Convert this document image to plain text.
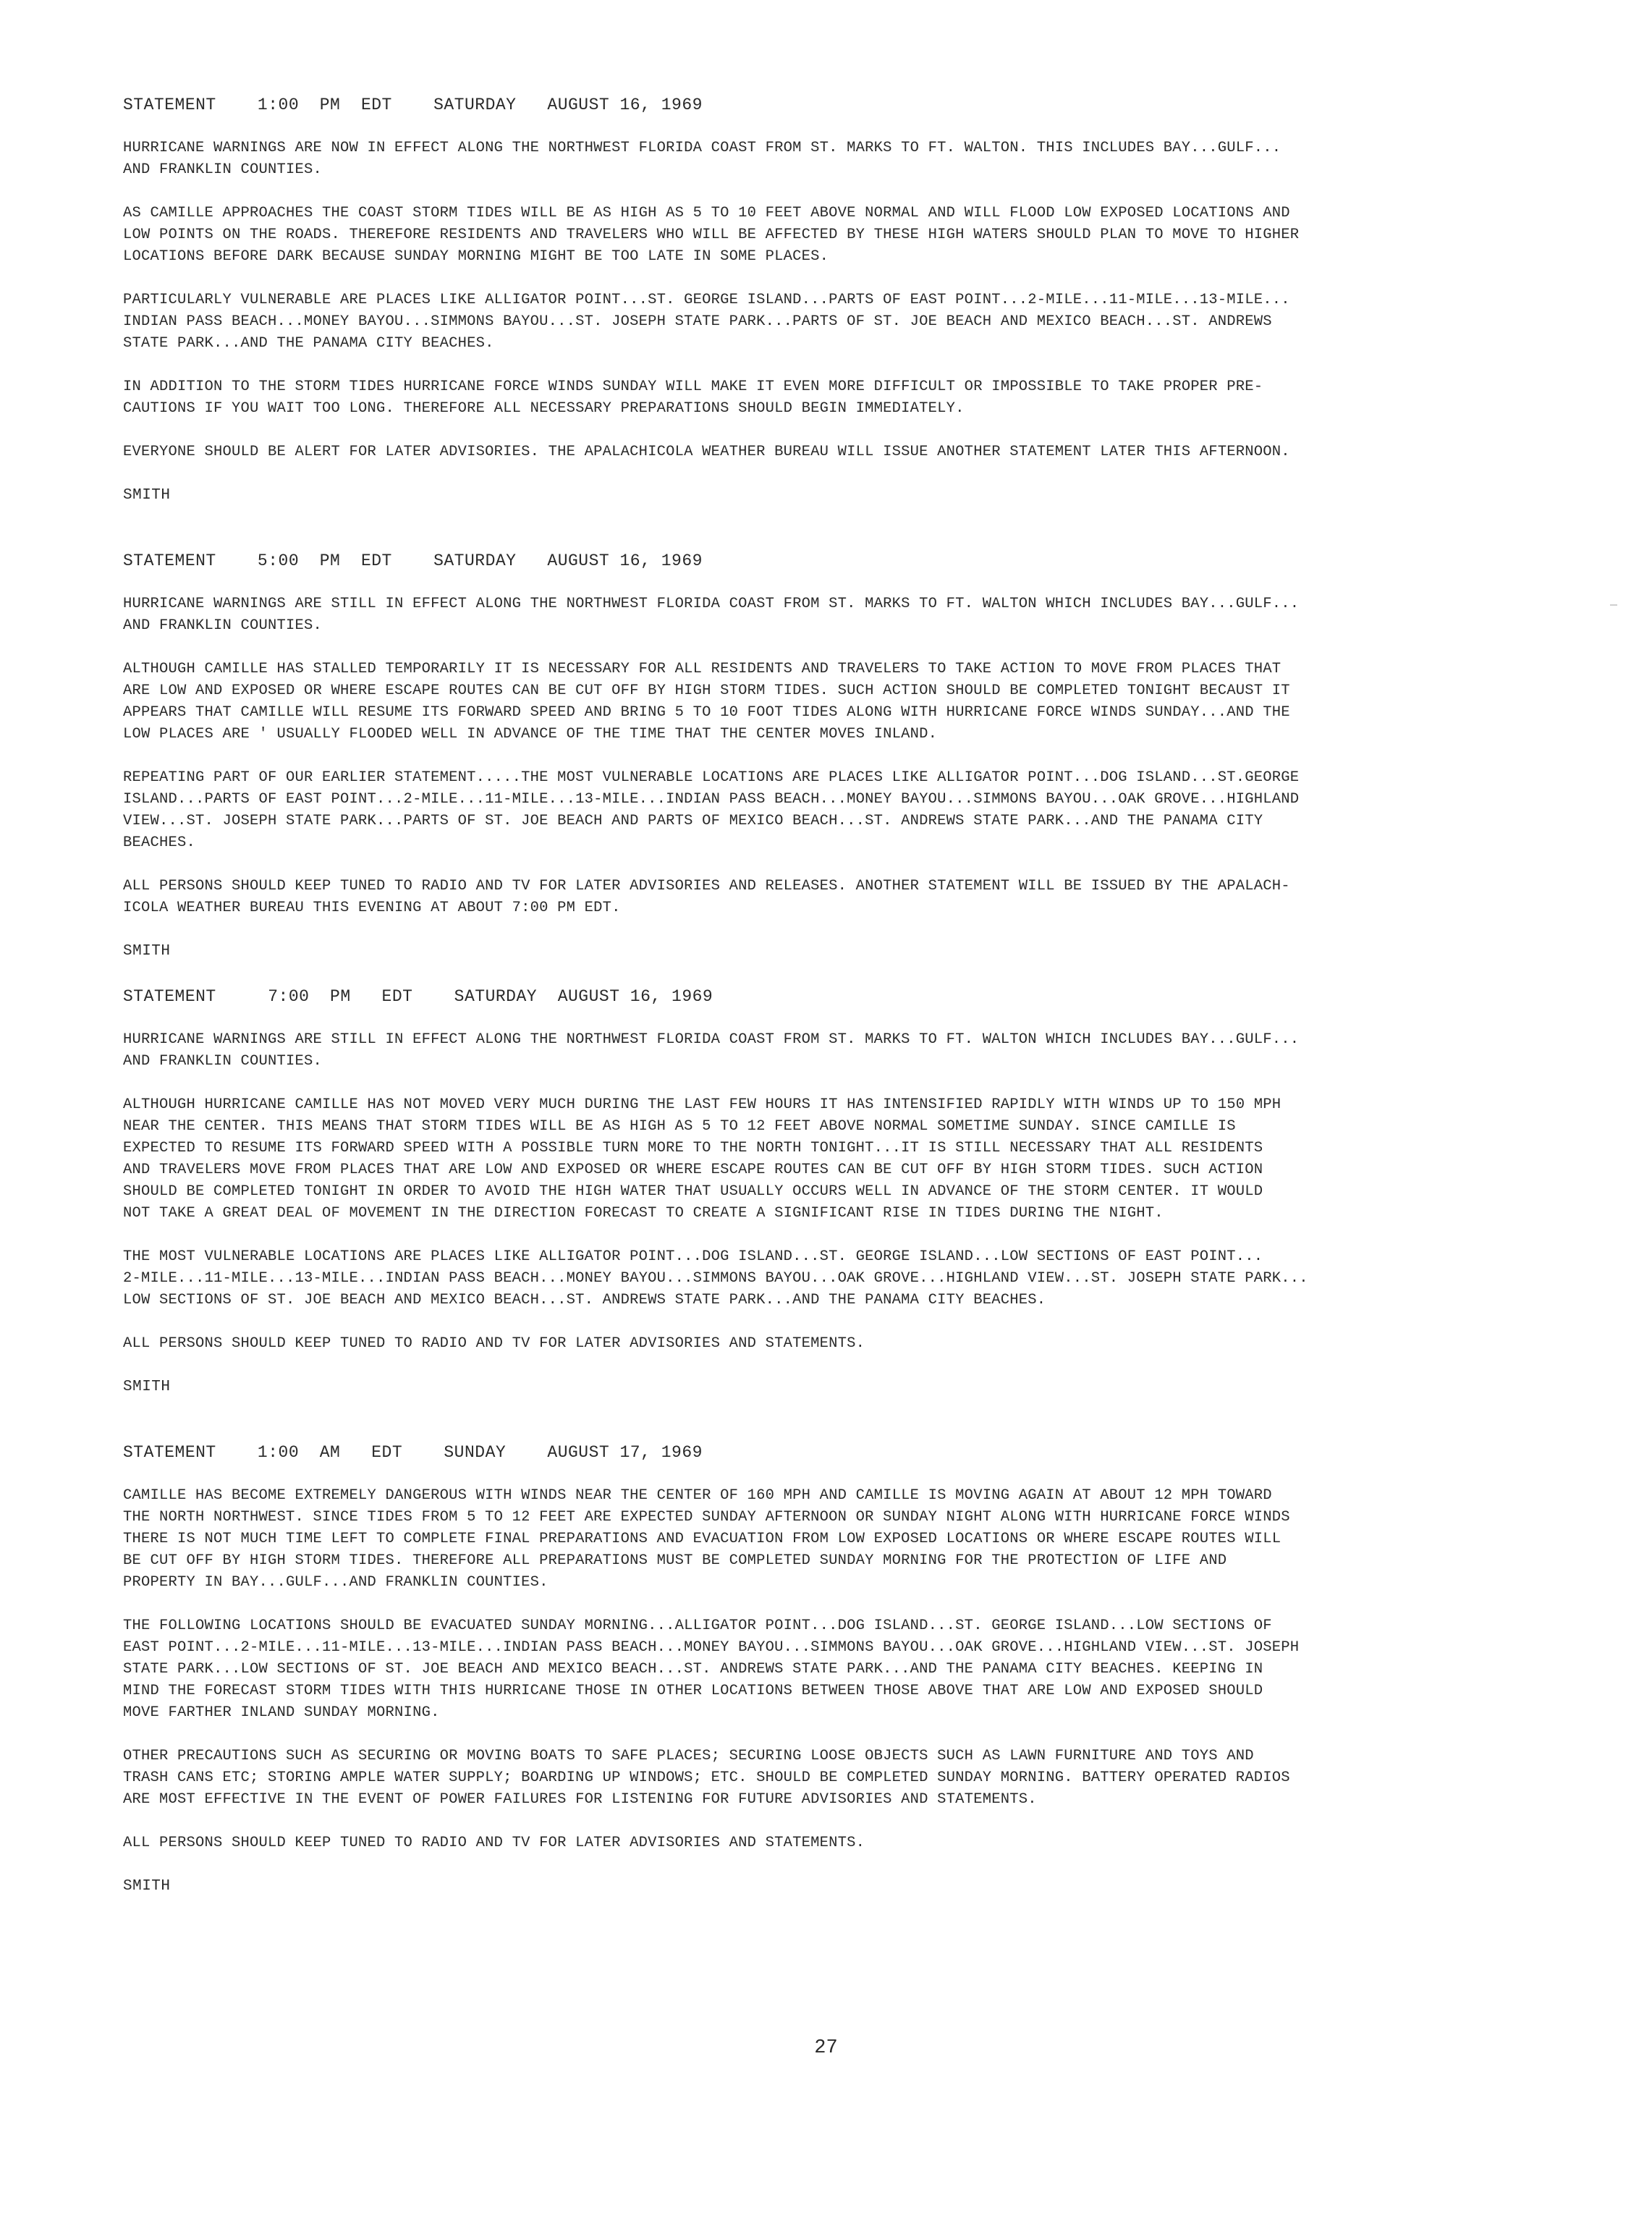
STATEMENT    1:00  PM  EDT    SATURDAY   AUGUST 16, 1969

HURRICANE WARNINGS ARE NOW IN EFFECT ALONG THE NORTHWEST FLORIDA COAST FROM ST. MARKS TO FT. WALTON. THIS INCLUDES BAY...GULF...
AND FRANKLIN COUNTIES.

AS CAMILLE APPROACHES THE COAST STORM TIDES WILL BE AS HIGH AS 5 TO 10 FEET ABOVE NORMAL AND WILL FLOOD LOW EXPOSED LOCATIONS AND
LOW POINTS ON THE ROADS. THEREFORE RESIDENTS AND TRAVELERS WHO WILL BE AFFECTED BY THESE HIGH WATERS SHOULD PLAN TO MOVE TO HIGHER
LOCATIONS BEFORE DARK BECAUSE SUNDAY MORNING MIGHT BE TOO LATE IN SOME PLACES.

PARTICULARLY VULNERABLE ARE PLACES LIKE ALLIGATOR POINT...ST. GEORGE ISLAND...PARTS OF EAST POINT...2-MILE...11-MILE...13-MILE...
INDIAN PASS BEACH...MONEY BAYOU...SIMMONS BAYOU...ST. JOSEPH STATE PARK...PARTS OF ST. JOE BEACH AND MEXICO BEACH...ST. ANDREWS
STATE PARK...AND THE PANAMA CITY BEACHES.

IN ADDITION TO THE STORM TIDES HURRICANE FORCE WINDS SUNDAY WILL MAKE IT EVEN MORE DIFFICULT OR IMPOSSIBLE TO TAKE PROPER PRE-
CAUTIONS IF YOU WAIT TOO LONG. THEREFORE ALL NECESSARY PREPARATIONS SHOULD BEGIN IMMEDIATELY.

EVERYONE SHOULD BE ALERT FOR LATER ADVISORIES. THE APALACHICOLA WEATHER BUREAU WILL ISSUE ANOTHER STATEMENT LATER THIS AFTERNOON.

SMITH

STATEMENT    5:00  PM  EDT    SATURDAY   AUGUST 16, 1969

HURRICANE WARNINGS ARE STILL IN EFFECT ALONG THE NORTHWEST FLORIDA COAST FROM ST. MARKS TO FT. WALTON WHICH INCLUDES BAY...GULF...
AND FRANKLIN COUNTIES.

ALTHOUGH CAMILLE HAS STALLED TEMPORARILY IT IS NECESSARY FOR ALL RESIDENTS AND TRAVELERS TO TAKE ACTION TO MOVE FROM PLACES THAT
ARE LOW AND EXPOSED OR WHERE ESCAPE ROUTES CAN BE CUT OFF BY HIGH STORM TIDES. SUCH ACTION SHOULD BE COMPLETED TONIGHT BECAUST IT
APPEARS THAT CAMILLE WILL RESUME ITS FORWARD SPEED AND BRING 5 TO 10 FOOT TIDES ALONG WITH HURRICANE FORCE WINDS SUNDAY...AND THE
LOW PLACES ARE ' USUALLY FLOODED WELL IN ADVANCE OF THE TIME THAT THE CENTER MOVES INLAND.

REPEATING PART OF OUR EARLIER STATEMENT.....THE MOST VULNERABLE LOCATIONS ARE PLACES LIKE ALLIGATOR POINT...DOG ISLAND...ST.GEORGE
ISLAND...PARTS OF EAST POINT...2-MILE...11-MILE...13-MILE...INDIAN PASS BEACH...MONEY BAYOU...SIMMONS BAYOU...OAK GROVE...HIGHLAND
VIEW...ST. JOSEPH STATE PARK...PARTS OF ST. JOE BEACH AND PARTS OF MEXICO BEACH...ST. ANDREWS STATE PARK...AND THE PANAMA CITY
BEACHES.

ALL PERSONS SHOULD KEEP TUNED TO RADIO AND TV FOR LATER ADVISORIES AND RELEASES. ANOTHER STATEMENT WILL BE ISSUED BY THE APALACH-
ICOLA WEATHER BUREAU THIS EVENING AT ABOUT 7:00 PM EDT.

SMITH

STATEMENT     7:00  PM   EDT    SATURDAY  AUGUST 16, 1969

HURRICANE WARNINGS ARE STILL IN EFFECT ALONG THE NORTHWEST FLORIDA COAST FROM ST. MARKS TO FT. WALTON WHICH INCLUDES BAY...GULF...
AND FRANKLIN COUNTIES.

ALTHOUGH HURRICANE CAMILLE HAS NOT MOVED VERY MUCH DURING THE LAST FEW HOURS IT HAS INTENSIFIED RAPIDLY WITH WINDS UP TO 150 MPH
NEAR THE CENTER. THIS MEANS THAT STORM TIDES WILL BE AS HIGH AS 5 TO 12 FEET ABOVE NORMAL SOMETIME SUNDAY. SINCE CAMILLE IS
EXPECTED TO RESUME ITS FORWARD SPEED WITH A POSSIBLE TURN MORE TO THE NORTH TONIGHT...IT IS STILL NECESSARY THAT ALL RESIDENTS
AND TRAVELERS MOVE FROM PLACES THAT ARE LOW AND EXPOSED OR WHERE ESCAPE ROUTES CAN BE CUT OFF BY HIGH STORM TIDES. SUCH ACTION
SHOULD BE COMPLETED TONIGHT IN ORDER TO AVOID THE HIGH WATER THAT USUALLY OCCURS WELL IN ADVANCE OF THE STORM CENTER. IT WOULD
NOT TAKE A GREAT DEAL OF MOVEMENT IN THE DIRECTION FORECAST TO CREATE A SIGNIFICANT RISE IN TIDES DURING THE NIGHT.

THE MOST VULNERABLE LOCATIONS ARE PLACES LIKE ALLIGATOR POINT...DOG ISLAND...ST. GEORGE ISLAND...LOW SECTIONS OF EAST POINT...
2-MILE...11-MILE...13-MILE...INDIAN PASS BEACH...MONEY BAYOU...SIMMONS BAYOU...OAK GROVE...HIGHLAND VIEW...ST. JOSEPH STATE PARK...
LOW SECTIONS OF ST. JOE BEACH AND MEXICO BEACH...ST. ANDREWS STATE PARK...AND THE PANAMA CITY BEACHES.

ALL PERSONS SHOULD KEEP TUNED TO RADIO AND TV FOR LATER ADVISORIES AND STATEMENTS.

SMITH

STATEMENT    1:00  AM   EDT    SUNDAY    AUGUST 17, 1969

CAMILLE HAS BECOME EXTREMELY DANGEROUS WITH WINDS NEAR THE CENTER OF 160 MPH AND CAMILLE IS MOVING AGAIN AT ABOUT 12 MPH TOWARD
THE NORTH NORTHWEST. SINCE TIDES FROM 5 TO 12 FEET ARE EXPECTED SUNDAY AFTERNOON OR SUNDAY NIGHT ALONG WITH HURRICANE FORCE WINDS
THERE IS NOT MUCH TIME LEFT TO COMPLETE FINAL PREPARATIONS AND EVACUATION FROM LOW EXPOSED LOCATIONS OR WHERE ESCAPE ROUTES WILL
BE CUT OFF BY HIGH STORM TIDES. THEREFORE ALL PREPARATIONS MUST BE COMPLETED SUNDAY MORNING FOR THE PROTECTION OF LIFE AND
PROPERTY IN BAY...GULF...AND FRANKLIN COUNTIES.

THE FOLLOWING LOCATIONS SHOULD BE EVACUATED SUNDAY MORNING...ALLIGATOR POINT...DOG ISLAND...ST. GEORGE ISLAND...LOW SECTIONS OF
EAST POINT...2-MILE...11-MILE...13-MILE...INDIAN PASS BEACH...MONEY BAYOU...SIMMONS BAYOU...OAK GROVE...HIGHLAND VIEW...ST. JOSEPH
STATE PARK...LOW SECTIONS OF ST. JOE BEACH AND MEXICO BEACH...ST. ANDREWS STATE PARK...AND THE PANAMA CITY BEACHES. KEEPING IN
MIND THE FORECAST STORM TIDES WITH THIS HURRICANE THOSE IN OTHER LOCATIONS BETWEEN THOSE ABOVE THAT ARE LOW AND EXPOSED SHOULD
MOVE FARTHER INLAND SUNDAY MORNING.

OTHER PRECAUTIONS SUCH AS SECURING OR MOVING BOATS TO SAFE PLACES; SECURING LOOSE OBJECTS SUCH AS LAWN FURNITURE AND TOYS AND
TRASH CANS ETC; STORING AMPLE WATER SUPPLY; BOARDING UP WINDOWS; ETC. SHOULD BE COMPLETED SUNDAY MORNING. BATTERY OPERATED RADIOS
ARE MOST EFFECTIVE IN THE EVENT OF POWER FAILURES FOR LISTENING FOR FUTURE ADVISORIES AND STATEMENTS.

ALL PERSONS SHOULD KEEP TUNED TO RADIO AND TV FOR LATER ADVISORIES AND STATEMENTS.

SMITH

27
